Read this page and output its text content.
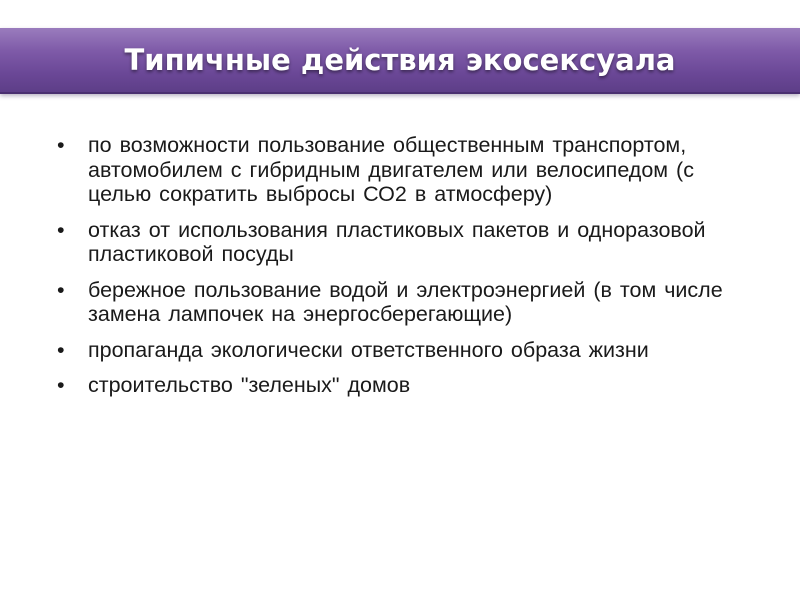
Типичные действия экосексуала
•	по возможности пользование общественным транспортом, автомобилем с гибридным двигателем или велосипедом (с целью сократить выбросы СО2 в атмосферу)
•	отказ от использования пластиковых пакетов и одноразовой пластиковой посуды
•	бережное пользование водой и электроэнергией (в том числе замена лампочек на энергосберегающие)
•	пропаганда экологически ответственного образа жизни
•	строительство "зеленых" домов
